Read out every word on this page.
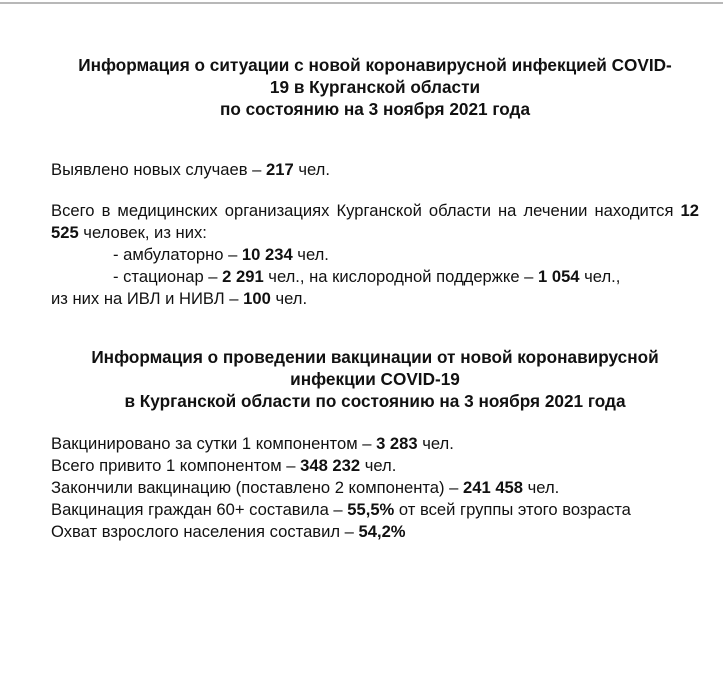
Информация о ситуации с новой коронавирусной инфекцией COVID-
19 в Курганской области
по состоянию на 3 ноября 2021 года

Выявлено новых случаев – 217 чел.

Всего в медицинских организациях Курганской области на лечении находится 12 525 человек, из них:

- амбулаторно – 10 234 чел.

- стационар – 2 291 чел., на кислородной поддержке – 1 054 чел.,

из них на ИВЛ и НИВЛ – 100 чел.

Информация о проведении вакцинации от новой коронавирусной
инфекции COVID-19
в Курганской области по состоянию на 3 ноября 2021 года

Вакцинировано за сутки 1 компонентом – 3 283 чел.

Всего привито 1 компонентом – 348 232 чел.

Закончили вакцинацию (поставлено 2 компонента) – 241 458 чел.

Вакцинация граждан 60+ составила – 55,5% от всей группы этого возраста

Охват взрослого населения составил – 54,2%
